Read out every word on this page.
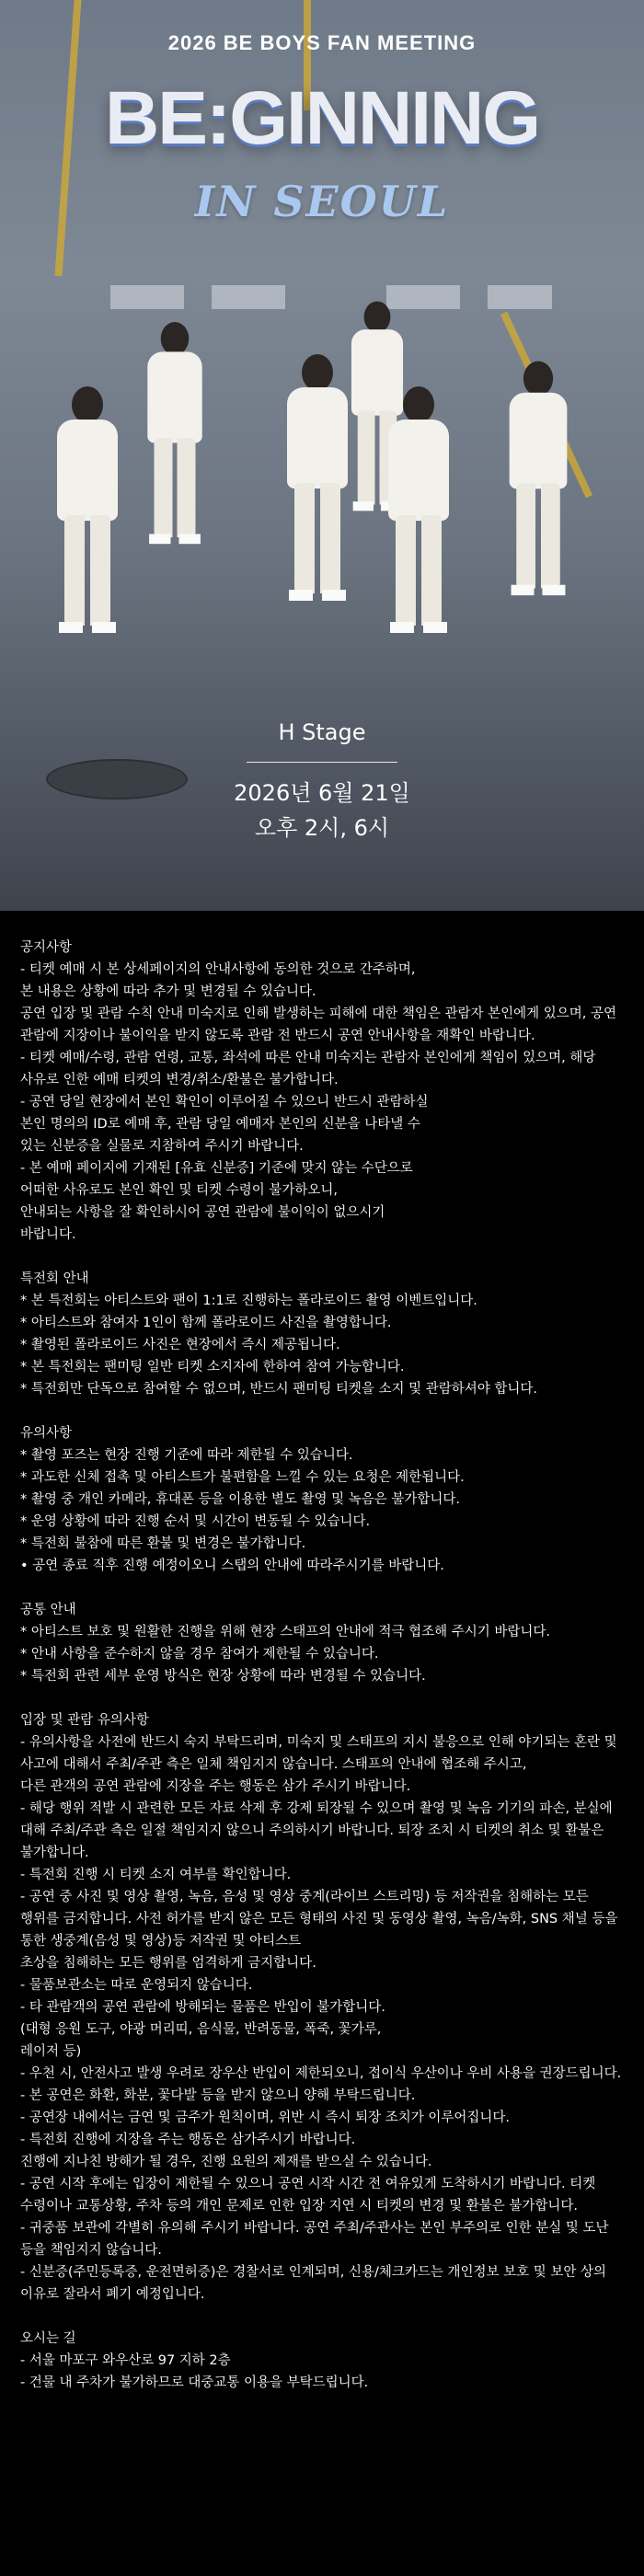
2026 BE BOYS FAN MEETING
BE:GINNING
IN SEOUL
H Stage
2026년 6월 21일
오후 2시, 6시
공지사항
- 티켓 예매 시 본 상세페이지의 안내사항에 동의한 것으로 간주하며,
본 내용은 상황에 따라 추가 및 변경될 수 있습니다.
공연 입장 및 관람 수칙 안내 미숙지로 인해 발생하는 피해에 대한 책임은 관람자 본인에게 있으며, 공연 관람에 지장이나 불이익을 받지 않도록 관람 전 반드시 공연 안내사항을 재확인 바랍니다.
- 티켓 예매/수령, 관람 연령, 교통, 좌석에 따른 안내 미숙지는 관람자 본인에게 책임이 있으며, 해당 사유로 인한 예매 티켓의 변경/취소/환불은 불가합니다.
- 공연 당일 현장에서 본인 확인이 이루어질 수 있으니 반드시 관람하실
본인 명의의 ID로 예매 후, 관람 당일 예매자 본인의 신분을 나타낼 수
있는 신분증을 실물로 지참하여 주시기 바랍니다.
- 본 예매 페이지에 기재된 [유효 신분증] 기준에 맞지 않는 수단으로
어떠한 사유로도 본인 확인 및 티켓 수령이 불가하오니,
안내되는 사항을 잘 확인하시어 공연 관람에 불이익이 없으시기
바랍니다.
특전회 안내
* 본 특전회는 아티스트와 팬이 1:1로 진행하는 폴라로이드 촬영 이벤트입니다.
* 아티스트와 참여자 1인이 함께 폴라로이드 사진을 촬영합니다.
* 촬영된 폴라로이드 사진은 현장에서 즉시 제공됩니다.
* 본 특전회는 팬미팅 일반 티켓 소지자에 한하여 참여 가능합니다.
* 특전회만 단독으로 참여할 수 없으며, 반드시 팬미팅 티켓을 소지 및 관람하셔야 합니다.
유의사항
* 촬영 포즈는 현장 진행 기준에 따라 제한될 수 있습니다.
* 과도한 신체 접촉 및 아티스트가 불편함을 느낄 수 있는 요청은 제한됩니다.
* 촬영 중 개인 카메라, 휴대폰 등을 이용한 별도 촬영 및 녹음은 불가합니다.
* 운영 상황에 따라 진행 순서 및 시간이 변동될 수 있습니다.
* 특전회 불참에 따른 환불 및 변경은 불가합니다.
• 공연 종료 직후 진행 예정이오니 스탭의 안내에 따라주시기를 바랍니다.
공통 안내
* 아티스트 보호 및 원활한 진행을 위해 현장 스태프의 안내에 적극 협조해 주시기 바랍니다.
* 안내 사항을 준수하지 않을 경우 참여가 제한될 수 있습니다.
* 특전회 관련 세부 운영 방식은 현장 상황에 따라 변경될 수 있습니다.
입장 및 관람 유의사항
- 유의사항을 사전에 반드시 숙지 부탁드리며, 미숙지 및 스태프의 지시 불응으로 인해 야기되는 혼란 및 사고에 대해서 주최/주관 측은 일체 책임지지 않습니다. 스태프의 안내에 협조해 주시고,
다른 관객의 공연 관람에 지장을 주는 행동은 삼가 주시기 바랍니다.
- 해당 행위 적발 시 관련한 모든 자료 삭제 후 강제 퇴장될 수 있으며 촬영 및 녹음 기기의 파손, 분실에 대해 주최/주관 측은 일절 책임지지 않으니 주의하시기 바랍니다. 퇴장 조치 시 티켓의 취소 및 환불은 불가합니다.
- 특전회 진행 시 티켓 소지 여부를 확인합니다.
- 공연 중 사진 및 영상 촬영, 녹음, 음성 및 영상 중계(라이브 스트리밍) 등 저작권을 침해하는 모든 행위를 금지합니다. 사전 허가를 받지 않은 모든 형태의 사진 및 동영상 촬영, 녹음/녹화, SNS 채널 등을 통한 생중계(음성 및 영상)등 저작권 및 아티스트
초상을 침해하는 모든 행위를 엄격하게 금지합니다.
- 물품보관소는 따로 운영되지 않습니다.
- 타 관람객의 공연 관람에 방해되는 물품은 반입이 불가합니다.
(대형 응원 도구, 야광 머리띠, 음식물, 반려동물, 폭죽, 꽃가루,
레이저 등)
- 우천 시, 안전사고 발생 우려로 장우산 반입이 제한되오니, 접이식 우산이나 우비 사용을 권장드립니다.
- 본 공연은 화환, 화분, 꽃다발 등을 받지 않으니 양해 부탁드립니다.
- 공연장 내에서는 금연 및 금주가 원칙이며, 위반 시 즉시 퇴장 조치가 이루어집니다.
- 특전회 진행에 지장을 주는 행동은 삼가주시기 바랍니다.
진행에 지나친 방해가 될 경우, 진행 요원의 제재를 받으실 수 있습니다.
- 공연 시작 후에는 입장이 제한될 수 있으니 공연 시작 시간 전 여유있게 도착하시기 바랍니다. 티켓 수령이나 교통상황, 주차 등의 개인 문제로 인한 입장 지연 시 티켓의 변경 및 환불은 불가합니다.
- 귀중품 보관에 각별히 유의해 주시기 바랍니다. 공연 주최/주관사는 본인 부주의로 인한 분실 및 도난 등을 책임지지 않습니다.
- 신분증(주민등록증, 운전면허증)은 경찰서로 인계되며, 신용/체크카드는 개인정보 보호 및 보안 상의 이유로 잘라서 폐기 예정입니다.
오시는 길
- 서울 마포구 와우산로 97 지하 2층
- 건물 내 주차가 불가하므로 대중교통 이용을 부탁드립니다.
